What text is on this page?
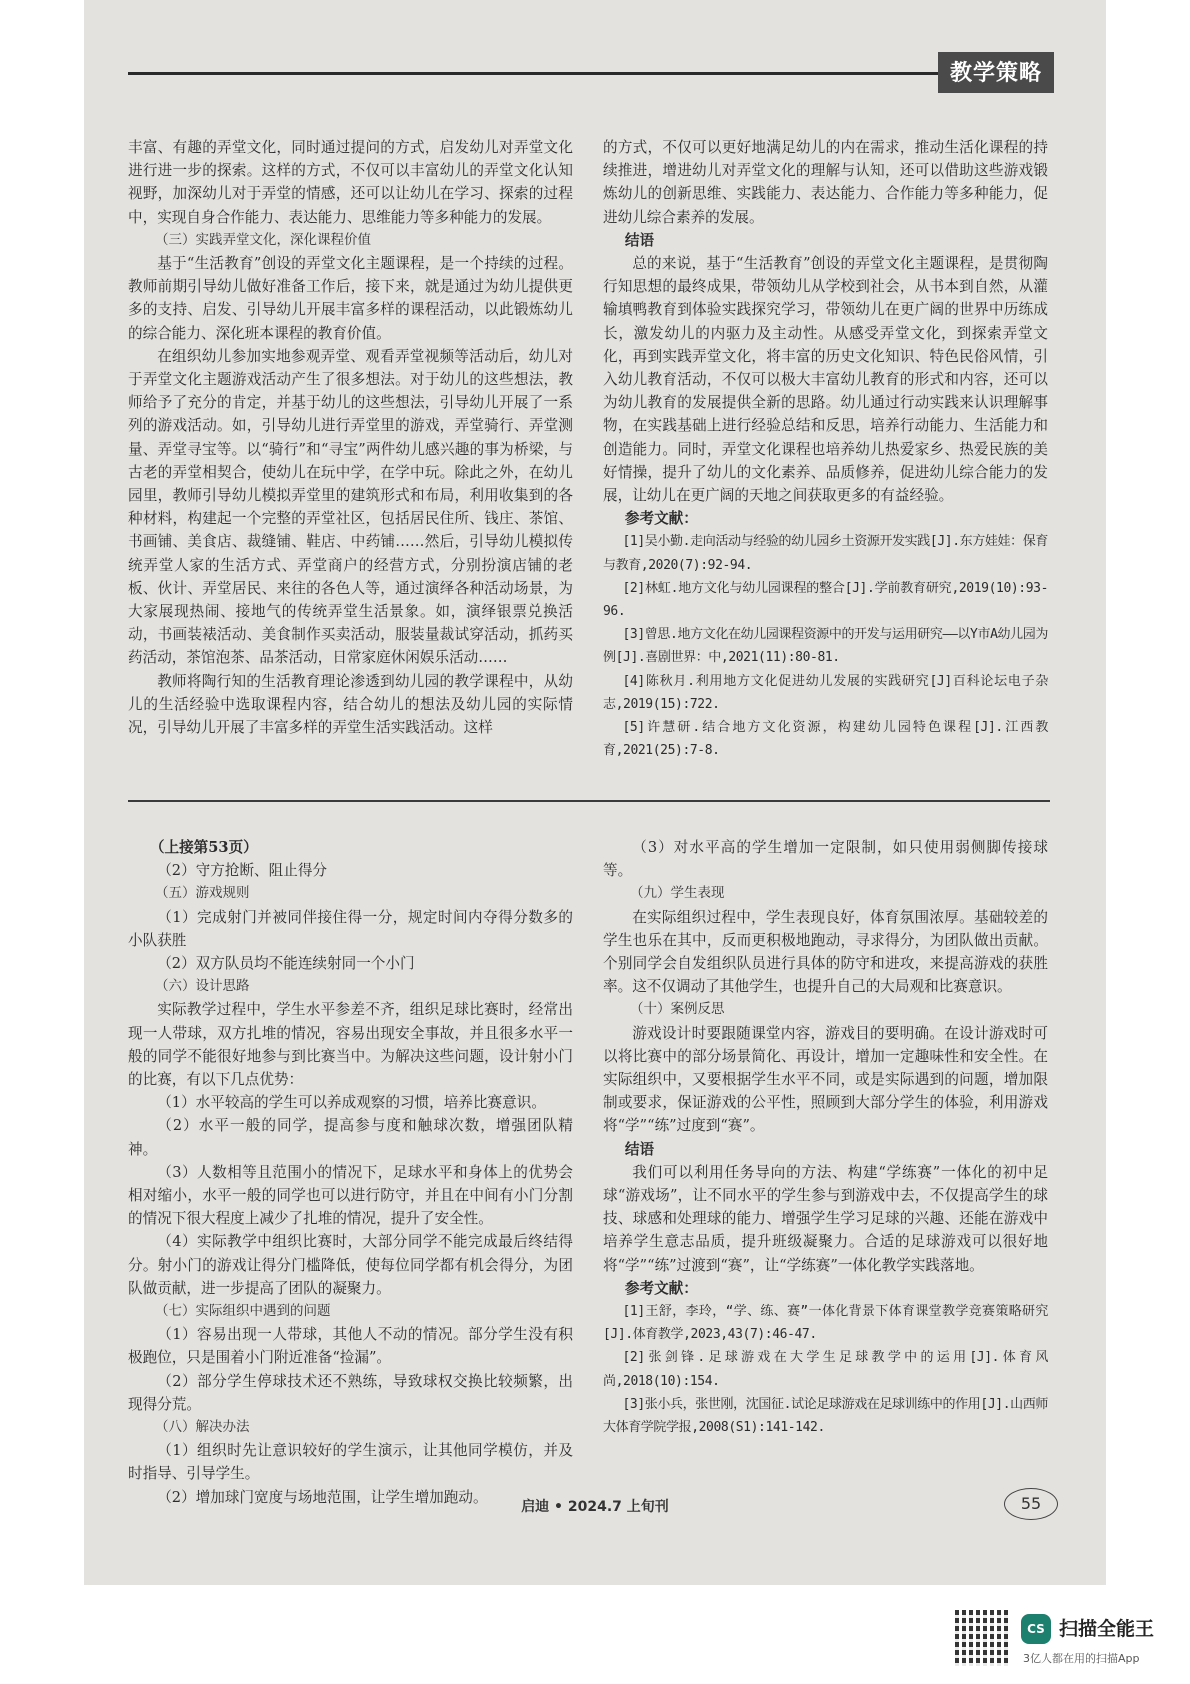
教学策略

丰富、有趣的弄堂文化，同时通过提问的方式，启发幼儿对弄堂文化进行进一步的探索。这样的方式，不仅可以丰富幼儿的弄堂文化认知视野，加深幼儿对于弄堂的情感，还可以让幼儿在学习、探索的过程中，实现自身合作能力、表达能力、思维能力等多种能力的发展。

（三）实践弄堂文化，深化课程价值

基于“生活教育”创设的弄堂文化主题课程，是一个持续的过程。教师前期引导幼儿做好准备工作后，接下来，就是通过为幼儿提供更多的支持、启发、引导幼儿开展丰富多样的课程活动，以此锻炼幼儿的综合能力、深化班本课程的教育价值。

在组织幼儿参加实地参观弄堂、观看弄堂视频等活动后，幼儿对于弄堂文化主题游戏活动产生了很多想法。对于幼儿的这些想法，教师给予了充分的肯定，并基于幼儿的这些想法，引导幼儿开展了一系列的游戏活动。如，引导幼儿进行弄堂里的游戏，弄堂骑行、弄堂测量、弄堂寻宝等。以“骑行”和“寻宝”两件幼儿感兴趣的事为桥梁，与古老的弄堂相契合，使幼儿在玩中学，在学中玩。除此之外，在幼儿园里，教师引导幼儿模拟弄堂里的建筑形式和布局，利用收集到的各种材料，构建起一个完整的弄堂社区，包括居民住所、钱庄、茶馆、书画铺、美食店、裁缝铺、鞋店、中药铺……然后，引导幼儿模拟传统弄堂人家的生活方式、弄堂商户的经营方式，分别扮演店铺的老板、伙计、弄堂居民、来往的各色人等，通过演绎各种活动场景，为大家展现热闹、接地气的传统弄堂生活景象。如，演绎银票兑换活动，书画装裱活动、美食制作买卖活动，服装量裁试穿活动，抓药买药活动，茶馆泡茶、品茶活动，日常家庭休闲娱乐活动……

教师将陶行知的生活教育理论渗透到幼儿园的教学课程中，从幼儿的生活经验中选取课程内容，结合幼儿的想法及幼儿园的实际情况，引导幼儿开展了丰富多样的弄堂生活实践活动。这样

的方式，不仅可以更好地满足幼儿的内在需求，推动生活化课程的持续推进，增进幼儿对弄堂文化的理解与认知，还可以借助这些游戏锻炼幼儿的创新思维、实践能力、表达能力、合作能力等多种能力，促进幼儿综合素养的发展。

结语

总的来说，基于“生活教育”创设的弄堂文化主题课程，是贯彻陶行知思想的最终成果，带领幼儿从学校到社会，从书本到自然，从灌输填鸭教育到体验实践探究学习，带领幼儿在更广阔的世界中历练成长，激发幼儿的内驱力及主动性。从感受弄堂文化，到探索弄堂文化，再到实践弄堂文化，将丰富的历史文化知识、特色民俗风情，引入幼儿教育活动，不仅可以极大丰富幼儿教育的形式和内容，还可以为幼儿教育的发展提供全新的思路。幼儿通过行动实践来认识理解事物，在实践基础上进行经验总结和反思，培养行动能力、生活能力和创造能力。同时，弄堂文化课程也培养幼儿热爱家乡、热爱民族的美好情操，提升了幼儿的文化素养、品质修养，促进幼儿综合能力的发展，让幼儿在更广阔的天地之间获取更多的有益经验。

参考文献：

[1]吴小勤.走向活动与经验的幼儿园乡土资源开发实践[J].东方娃娃：保育与教育,2020(7):92-94.

[2]林虹.地方文化与幼儿园课程的整合[J].学前教育研究,2019(10):93-96.

[3]曾思.地方文化在幼儿园课程资源中的开发与运用研究——以Y市A幼儿园为例[J].喜剧世界：中,2021(11):80-81.

[4]陈秋月.利用地方文化促进幼儿发展的实践研究[J]百科论坛电子杂志,2019(15):722.

[5]许慧研.结合地方文化资源，构建幼儿园特色课程[J].江西教育,2021(25):7-8.

（上接第53页）

（2）守方抢断、阻止得分

（五）游戏规则

（1）完成射门并被同伴接住得一分，规定时间内夺得分数多的小队获胜

（2）双方队员均不能连续射同一个小门

（六）设计思路

实际教学过程中，学生水平参差不齐，组织足球比赛时，经常出现一人带球，双方扎堆的情况，容易出现安全事故，并且很多水平一般的同学不能很好地参与到比赛当中。为解决这些问题，设计射小门的比赛，有以下几点优势：

（1）水平较高的学生可以养成观察的习惯，培养比赛意识。

（2）水平一般的同学，提高参与度和触球次数，增强团队精神。

（3）人数相等且范围小的情况下，足球水平和身体上的优势会相对缩小，水平一般的同学也可以进行防守，并且在中间有小门分割的情况下很大程度上减少了扎堆的情况，提升了安全性。

（4）实际教学中组织比赛时，大部分同学不能完成最后终结得分。射小门的游戏让得分门槛降低，使每位同学都有机会得分，为团队做贡献，进一步提高了团队的凝聚力。

（七）实际组织中遇到的问题

（1）容易出现一人带球，其他人不动的情况。部分学生没有积极跑位，只是围着小门附近准备“捡漏”。

（2）部分学生停球技术还不熟练，导致球权交换比较频繁，出现得分荒。

（八）解决办法

（1）组织时先让意识较好的学生演示，让其他同学模仿，并及时指导、引导学生。

（2）增加球门宽度与场地范围，让学生增加跑动。

（3）对水平高的学生增加一定限制，如只使用弱侧脚传接球等。

（九）学生表现

在实际组织过程中，学生表现良好，体育氛围浓厚。基础较差的学生也乐在其中，反而更积极地跑动，寻求得分，为团队做出贡献。个别同学会自发组织队员进行具体的防守和进攻，来提高游戏的获胜率。这不仅调动了其他学生，也提升自己的大局观和比赛意识。

（十）案例反思

游戏设计时要跟随课堂内容，游戏目的要明确。在设计游戏时可以将比赛中的部分场景简化、再设计，增加一定趣味性和安全性。在实际组织中，又要根据学生水平不同，或是实际遇到的问题，增加限制或要求，保证游戏的公平性，照顾到大部分学生的体验，利用游戏将“学”“练”过度到“赛”。

结语

我们可以利用任务导向的方法、构建“学练赛”一体化的初中足球“游戏场”，让不同水平的学生参与到游戏中去，不仅提高学生的球技、球感和处理球的能力、增强学生学习足球的兴趣、还能在游戏中培养学生意志品质，提升班级凝聚力。合适的足球游戏可以很好地将“学”“练”过渡到“赛”，让“学练赛”一体化教学实践落地。

参考文献：

[1]王舒，李玲，“学、练、赛”一体化背景下体育课堂教学竞赛策略研究[J].体育教学,2023,43(7):46-47.

[2]张剑锋.足球游戏在大学生足球教学中的运用[J].体育风尚,2018(10):154.

[3]张小兵，张世刚，沈国征.试论足球游戏在足球训练中的作用[J].山西师大体育学院学报,2008(S1):141-142.

启迪 • 2024.7 上旬刊	55
CS 扫描全能王
3亿人都在用的扫描App
